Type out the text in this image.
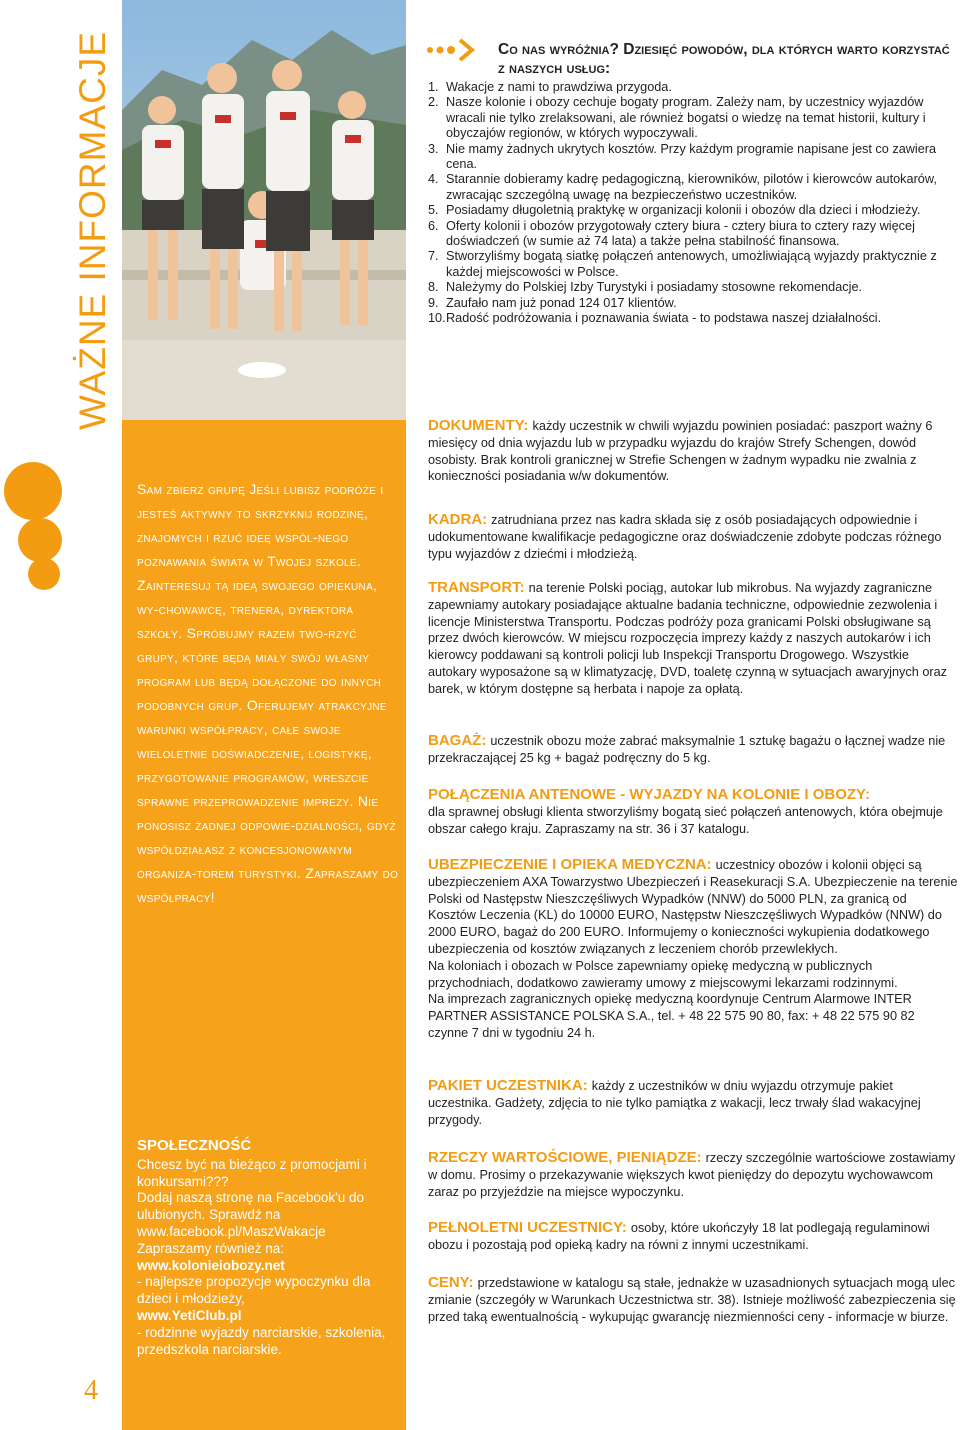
WAŻNE INFORMACJE
4
Sam zbierz grupę Jeśli lubisz podróże i jesteś aktywny to skrzyknij rodzinę, znajomych i rzuć ideę wspól-nego poznawania świata w Twojej szkole. Zainteresuj tą ideą swojego opiekuna, wy-chowawcę, trenera, dyrektora szkoły. Spróbujmy razem two-rzyć grupy, które będą miały swój własny program lub będą dołączone do innych podobnych grup. Oferujemy atrakcyjne warunki współpracy, całe swoje wieloletnie doświadczenie, logistykę, przygotowanie programów, wreszcie sprawne przeprowadzenie imprezy. Nie ponosisz żadnej odpowie-dzialności, gdyż współdziałasz z koncesjonowanym organiza-torem turystyki. Zapraszamy do współpracy!
SPOŁECZNOŚĆ
Chcesz być na bieżąco z promocjami i konkursami???
Dodaj naszą stronę na Facebook'u do ulubionych. Sprawdź na www.facebook.pl/MaszWakacje
Zapraszamy również na:
www.kolonieiobozy.net
- najlepsze propozycje wypoczynku dla dzieci i młodzieży,
www.YetiClub.pl
- rodzinne wyjazdy narciarskie, szkolenia, przedszkola narciarskie.
Co nas wyróżnia? Dziesięć powodów, dla których warto korzystać z naszych usług:
1. Wakacje z nami to prawdziwa przygoda.
2. Nasze kolonie i obozy cechuje bogaty program. Zależy nam, by uczestnicy wyjazdów wracali nie tylko zrelaksowani, ale również bogatsi o wiedzę na temat historii, kultury i obyczajów regionów, w których wypoczywali.
3. Nie mamy żadnych ukrytych kosztów. Przy każdym programie napisane jest co zawiera cena.
4. Starannie dobieramy kadrę pedagogiczną, kierowników, pilotów i kierowców autokarów, zwracając szczególną uwagę na bezpieczeństwo uczestników.
5. Posiadamy długoletnią praktykę w organizacji kolonii i obozów dla dzieci i młodzieży.
6. Oferty kolonii i obozów przygotowały cztery biura - cztery biura to cztery razy więcej doświadczeń (w sumie aż 74 lata) a także pełna stabilność finansowa.
7. Stworzyliśmy bogatą siatkę połączeń antenowych, umożliwiającą wyjazdy praktycznie z każdej miejscowości w Polsce.
8. Należymy do Polskiej Izby Turystyki i posiadamy stosowne rekomendacje.
9. Zaufało nam już ponad 124 017 klientów.
10. Radość podróżowania i poznawania świata - to podstawa naszej działalności.
DOKUMENTY: każdy uczestnik w chwili wyjazdu powinien posiadać: paszport ważny 6 miesięcy od dnia wyjazdu lub w przypadku wyjazdu do krajów Strefy Schengen, dowód osobisty. Brak kontroli granicznej w Strefie Schengen w żadnym wypadku nie zwalnia z konieczności posiadania w/w dokumentów.
KADRA: zatrudniana przez nas kadra składa się z osób posiadających odpowiednie i udokumentowane kwalifikacje pedagogiczne oraz doświadczenie zdobyte podczas różnego typu wyjazdów z dziećmi i młodzieżą.
TRANSPORT: na terenie Polski pociąg, autokar lub mikrobus. Na wyjazdy zagraniczne zapewniamy autokary posiadające aktualne badania techniczne, odpowiednie zezwolenia i licencje Ministerstwa Transportu. Podczas podróży poza granicami Polski obsługiwane są przez dwóch kierowców. W miejscu rozpoczęcia imprezy każdy z naszych autokarów i ich kierowcy poddawani są kontroli policji lub Inspekcji Transportu Drogowego. Wszystkie autokary wyposażone są w klimatyzację, DVD, toaletę czynną w sytuacjach awaryjnych oraz barek, w którym dostępne są herbata i napoje za opłatą.
BAGAŻ: uczestnik obozu może zabrać maksymalnie 1 sztukę bagażu o łącznej wadze nie przekraczającej 25 kg + bagaż podręczny do 5 kg.
POŁĄCZENIA ANTENOWE - WYJAZDY NA KOLONIE I OBOZY:
dla sprawnej obsługi klienta stworzyliśmy bogatą sieć połączeń antenowych, która obejmuje obszar całego kraju. Zapraszamy na str. 36 i 37 katalogu.
UBEZPIECZENIE I OPIEKA MEDYCZNA: uczestnicy obozów i kolonii objęci są ubezpieczeniem AXA Towarzystwo Ubezpieczeń i Reasekuracji S.A. Ubezpieczenie na terenie Polski od Następstw Nieszczęśliwych Wypadków (NNW) do 5000 PLN, za granicą od Kosztów Leczenia (KL) do 10000 EURO, Następstw Nieszczęśliwych Wypadków (NNW) do 2000 EURO, bagaż do 200 EURO. Informujemy o konieczności wykupienia dodatkowego ubezpieczenia od kosztów związanych z leczeniem chorób przewlekłych.
Na koloniach i obozach w Polsce zapewniamy opiekę medyczną w publicznych przychodniach, dodatkowo zawieramy umowy z miejscowymi lekarzami rodzinnymi.
Na imprezach zagranicznych opiekę medyczną koordynuje Centrum Alarmowe INTER PARTNER ASSISTANCE POLSKA S.A., tel. + 48 22 575 90 80, fax: + 48 22 575 90 82 czynne 7 dni w tygodniu 24 h.
PAKIET UCZESTNIKA: każdy z uczestników w dniu wyjazdu otrzymuje pakiet uczestnika. Gadżety, zdjęcia to nie tylko pamiątka z wakacji, lecz trwały ślad wakacyjnej przygody.
RZECZY WARTOŚCIOWE, PIENIĄDZE: rzeczy szczególnie wartościowe zostawiamy w domu. Prosimy o przekazywanie większych kwot pieniędzy do depozytu wychowawcom zaraz po przyjeździe na miejsce wypoczynku.
PEŁNOLETNI UCZESTNICY: osoby, które ukończyły 18 lat podlegają regulaminowi obozu i pozostają pod opieką kadry na równi z innymi uczestnikami.
CENY: przedstawione w katalogu są stałe, jednakże w uzasadnionych sytuacjach mogą ulec zmianie (szczegóły w Warunkach Uczestnictwa str. 38). Istnieje możliwość zabezpieczenia się przed taką ewentualnością - wykupując gwarancję niezmienności ceny - informacje w biurze.
